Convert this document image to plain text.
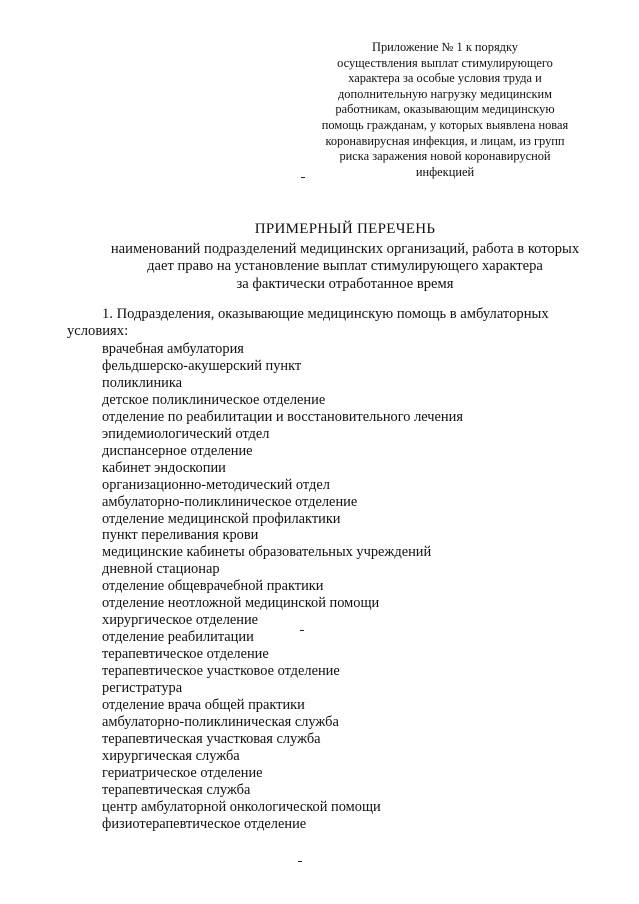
Приложение № 1 к порядку
осуществления выплат стимулирующего
характера за особые условия труда и
дополнительную нагрузку медицинским
работникам, оказывающим медицинскую
помощь гражданам, у которых выявлена новая
коронавирусная инфекция, и лицам, из групп
риска заражения новой коронавирусной
инфекцией
ПРИМЕРНЫЙ ПЕРЕЧЕНЬ
наименований подразделений медицинских организаций, работа в которых
дает право на установление выплат стимулирующего характера
за фактически отработанное время
1. Подразделения, оказывающие медицинскую помощь в амбулаторных
условиях:
врачебная амбулатория
фельдшерско-акушерский пункт
поликлиника
детское поликлиническое отделение
отделение по реабилитации и восстановительного лечения
эпидемиологический отдел
диспансерное отделение
кабинет эндоскопии
организационно-методический отдел
амбулаторно-поликлиническое отделение
отделение медицинской профилактики
пункт переливания крови
медицинские кабинеты образовательных учреждений
дневной стационар
отделение общеврачебной практики
отделение неотложной медицинской помощи
хирургическое отделение
отделение реабилитации
терапевтическое отделение
терапевтическое участковое отделение
регистратура
отделение врача общей практики
амбулаторно-поликлиническая служба
терапевтическая участковая служба
хирургическая служба
гериатрическое отделение
терапевтическая служба
центр амбулаторной онкологической помощи
физиотерапевтическое отделение
